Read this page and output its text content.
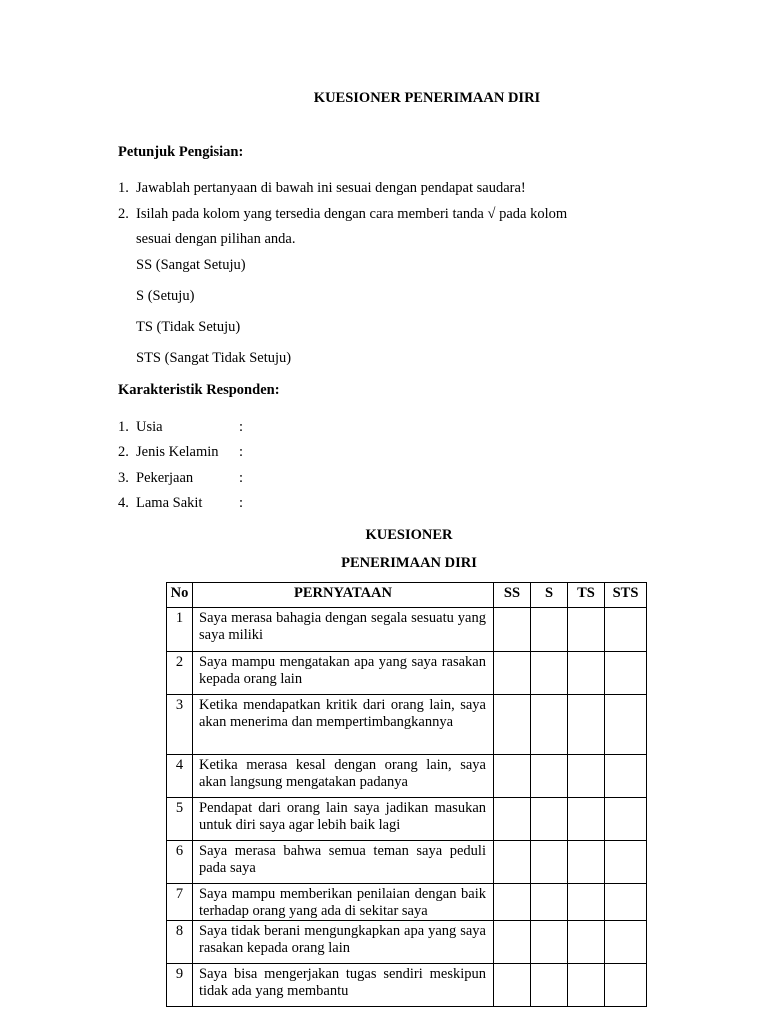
KUESIONER PENERIMAAN DIRI
Petunjuk Pengisian:
1. Jawablah pertanyaan di bawah ini sesuai dengan pendapat saudara!
2. Isilah pada kolom yang tersedia dengan cara memberi tanda √ pada kolom
sesuai dengan pilihan anda.
SS (Sangat Setuju)
S (Setuju)
TS (Tidak Setuju)
STS (Sangat Tidak Setuju)
Karakteristik Responden:
1. Usia	:
2. Jenis Kelamin :
3. Pekerjaan	:
4. Lama Sakit	:
KUESIONER
PENERIMAAN DIRI
No	PERNYATAAN	SS	S	TS	STS
1	Saya merasa bahagia dengan segala sesuatu yang saya miliki				
2	Saya mampu mengatakan apa yang saya rasakan kepada orang lain				
3	Ketika mendapatkan kritik dari orang lain, saya akan menerima dan mempertimbangkannya				
4	Ketika merasa kesal dengan orang lain, saya akan langsung mengatakan padanya				
5	Pendapat dari orang lain saya jadikan masukan untuk diri saya agar lebih baik lagi				
6	Saya merasa bahwa semua teman saya peduli pada saya				
7	Saya mampu memberikan penilaian dengan baik terhadap orang yang ada di sekitar saya				
8	Saya tidak berani mengungkapkan apa yang saya rasakan kepada orang lain				
9	Saya bisa mengerjakan tugas sendiri meskipun tidak ada yang membantu				
